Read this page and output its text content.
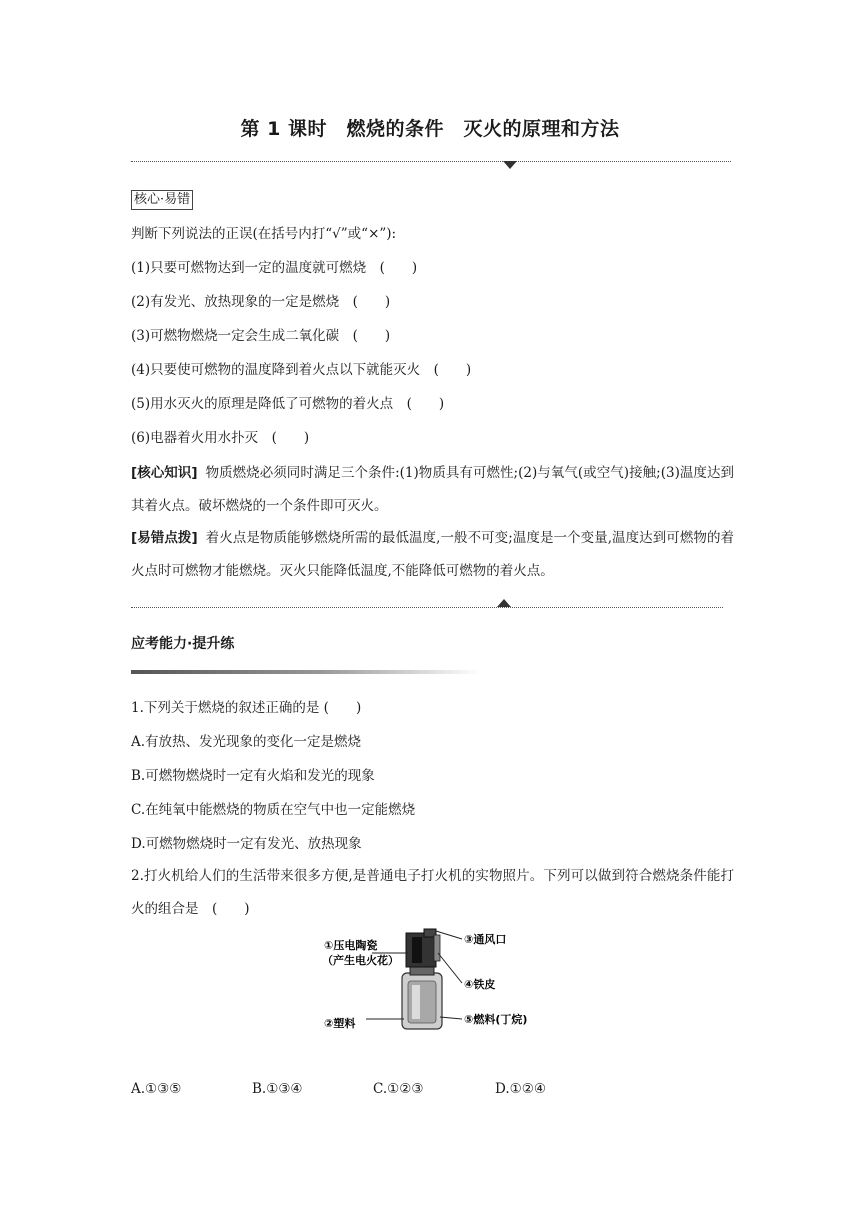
第 1 课时　燃烧的条件　灭火的原理和方法
核心·易错
判断下列说法的正误(在括号内打“√”或“×”):
(1)只要可燃物达到一定的温度就可燃烧　(　　)
(2)有发光、放热现象的一定是燃烧　(　　)
(3)可燃物燃烧一定会生成二氧化碳　(　　)
(4)只要使可燃物的温度降到着火点以下就能灭火　(　　)
(5)用水灭火的原理是降低了可燃物的着火点　(　　)
(6)电器着火用水扑灭　(　　)
[核心知识] 物质燃烧必须同时满足三个条件:(1)物质具有可燃性;(2)与氧气(或空气)接触;(3)温度达到其着火点。破坏燃烧的一个条件即可灭火。
[易错点拨] 着火点是物质能够燃烧所需的最低温度,一般不可变;温度是一个变量,温度达到可燃物的着火点时可燃物才能燃烧。灭火只能降低温度,不能降低可燃物的着火点。
应考能力·提升练
1.下列关于燃烧的叙述正确的是 (　　)
A.有放热、发光现象的变化一定是燃烧
B.可燃物燃烧时一定有火焰和发光的现象
C.在纯氧中能燃烧的物质在空气中也一定能燃烧
D.可燃物燃烧时一定有发光、放热现象
2.打火机给人们的生活带来很多方便,是普通电子打火机的实物照片。下列可以做到符合燃烧条件能打火的组合是　(　　)
①压电陶瓷
（产生电火花）
②塑料
③通风口
④铁皮
⑤燃料(丁烷)
A.①③⑤	B.①③④	C.①②③	D.①②④
